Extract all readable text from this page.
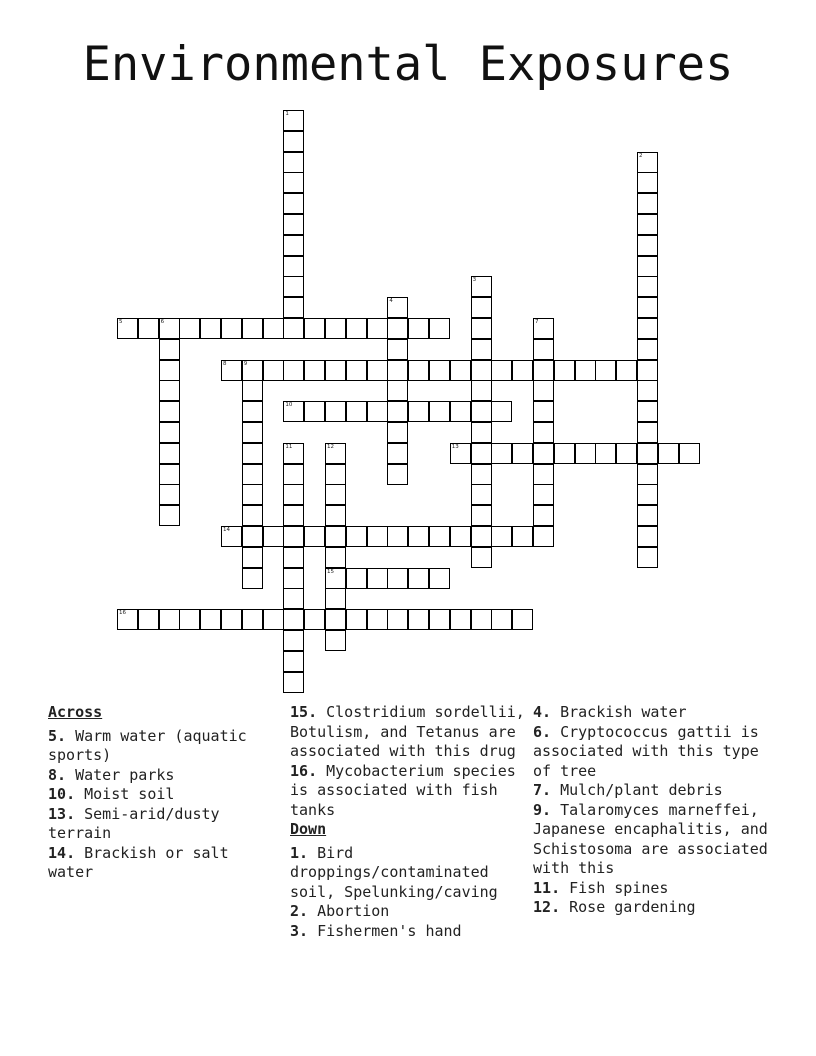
Environmental Exposures
5	6
8	9
10
13
14
15
16
1
2
3
4
7
11	12
Across
5. Warm water (aquatic sports)
8. Water parks
10. Moist soil
13. Semi-arid/dusty terrain
14. Brackish or salt water
15. Clostridium sordellii, Botulism, and Tetanus are associated with this drug
16. Mycobacterium species is associated with fish tanks
Down
1. Bird droppings/contaminated soil, Spelunking/caving
2. Abortion
3. Fishermen's hand
4. Brackish water
6. Cryptococcus gattii is associated with this type of tree
7. Mulch/plant debris
9. Talaromyces marneffei, Japanese encaphalitis, and Schistosoma are associated with this
11. Fish spines
12. Rose gardening
